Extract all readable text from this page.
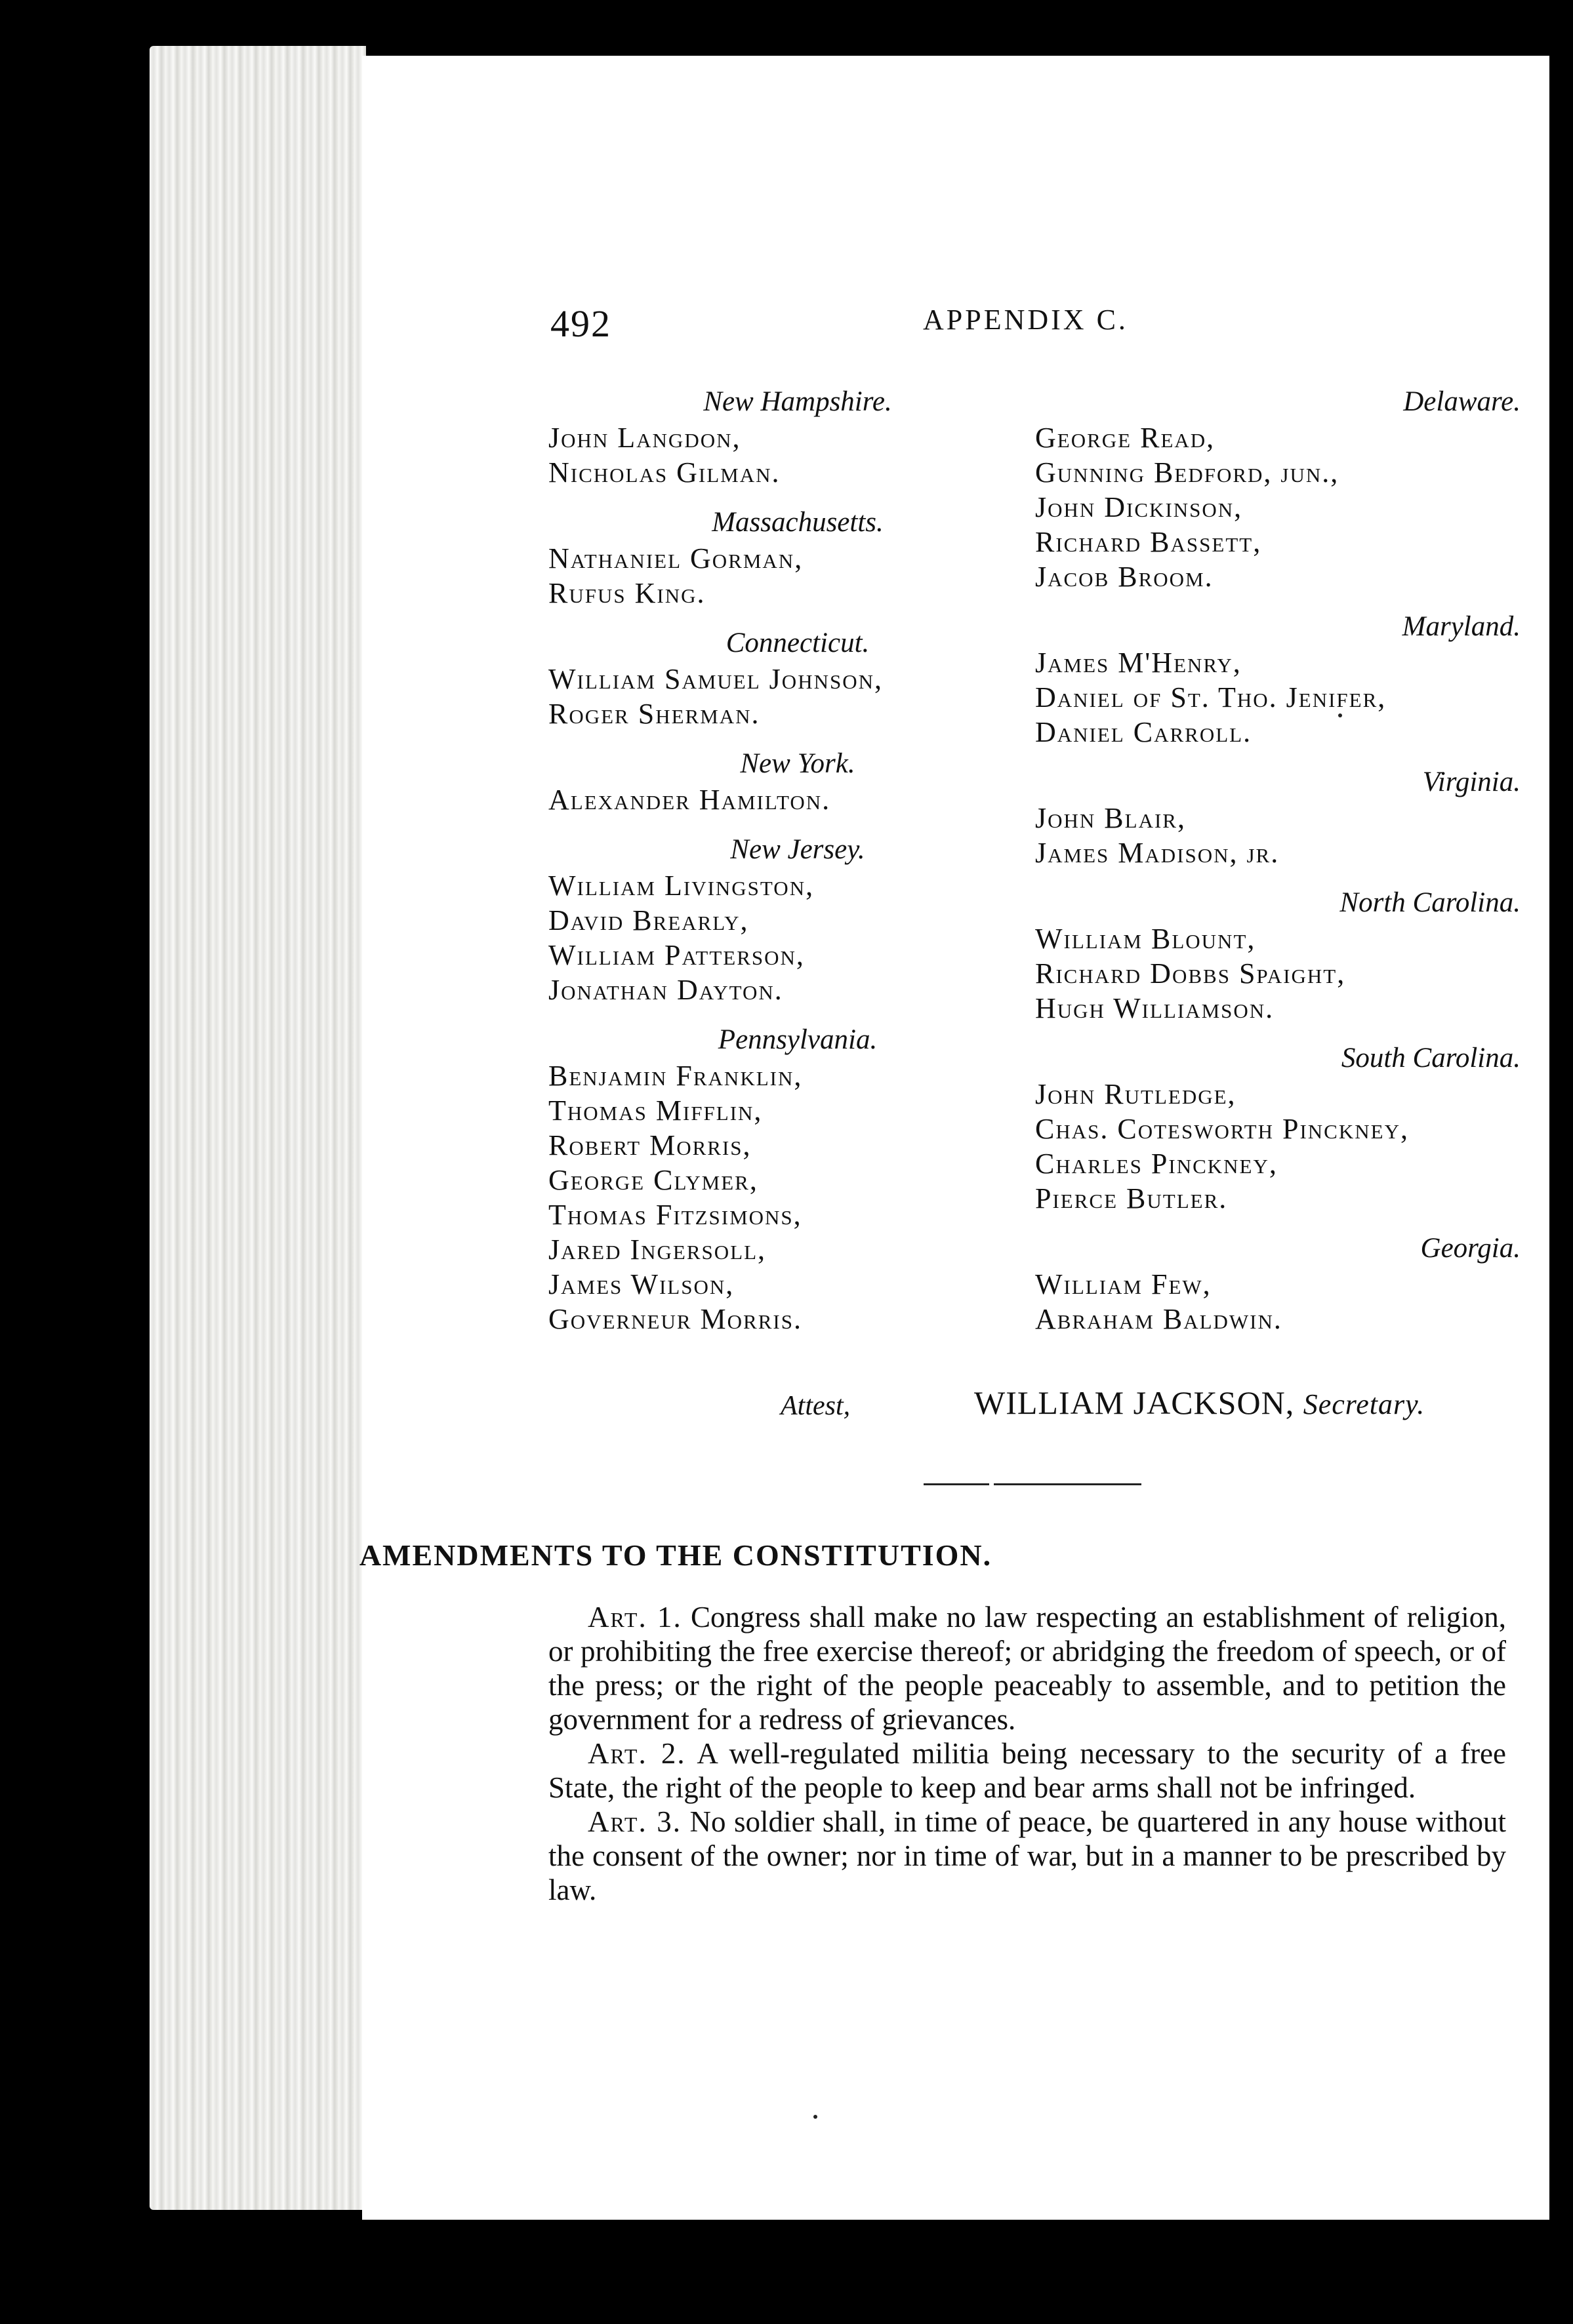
492	APPENDIX C.
New Hampshire.
John Langdon,
Nicholas Gilman.
Massachusetts.
Nathaniel Gorman,
Rufus King.
Connecticut.
William Samuel Johnson,
Roger Sherman.
New York.
Alexander Hamilton.
New Jersey.
William Livingston,
David Brearly,
William Patterson,
Jonathan Dayton.
Pennsylvania.
Benjamin Franklin,
Thomas Mifflin,
Robert Morris,
George Clymer,
Thomas Fitzsimons,
Jared Ingersoll,
James Wilson,
Governeur Morris.
Delaware.
George Read,
Gunning Bedford, jun.,
John Dickinson,
Richard Bassett,
Jacob Broom.
Maryland.
James M'Henry,
Daniel of St. Tho. Jenifer,
Daniel Carroll.
Virginia.
John Blair,
James Madison, jr.
North Carolina.
William Blount,
Richard Dobbs Spaight,
Hugh Williamson.
South Carolina.
John Rutledge,
Chas. Cotesworth Pinckney,
Charles Pinckney,
Pierce Butler.
Georgia.
William Few,
Abraham Baldwin.
Attest,	WILLIAM JACKSON, Secretary.
AMENDMENTS TO THE CONSTITUTION.

Art. 1. Congress shall make no law respecting an establishment of religion, or prohibiting the free exercise thereof; or abridging the freedom of speech, or of the press; or the right of the people peaceably to assemble, and to petition the government for a redress of grievances.

Art. 2. A well-regulated militia being necessary to the security of a free State, the right of the people to keep and bear arms shall not be infringed.

Art. 3. No soldier shall, in time of peace, be quartered in any house without the consent of the owner; nor in time of war, but in a manner to be prescribed by law.
